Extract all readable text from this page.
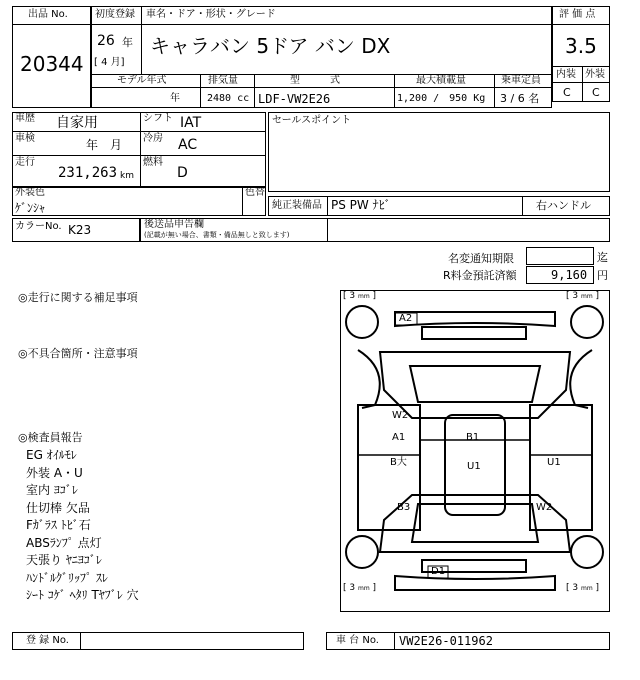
出品 No.
20344
初度登録 車名・ドア・形状・グレード
26 年
[ 4 月]
キャラバン 5ドア バン DX
モデル年式	排気量	型　　　式	最大積載量	乗車定員
年	2480 cc LDF-VW2E26	1,200 /　950 Kg 3 / 6 名
評 価 点
3.5
内装 外装
C C
車歴 自家用	シフト IAT
車検	年　月 冷房 AC
走行
231,263 km
燃料
D
セールスポイント
外装色
ｹﾞﾝｼｬ
色替
純正装備品 PS PW ﾅﾋﾞ	右ハンドル
カラーNo. K23	後送品申告欄
(記載が無い場合、書類・備品無しと致します)
名変通知期限	迄
R料金預託済額	9,160 円
◎走行に関する補足事項
◎不具合箇所・注意事項
◎検査員報告
EG ｵｲﾙﾓﾚ
外装 A・U
室内 ﾖｺﾞﾚ
仕切棒 欠品
Fｶﾞﾗｽ ﾄﾋﾞ石
ABSﾗﾝﾌﾟ 点灯
天張り ﾔﾆﾖｺﾞﾚ
ﾊﾝﾄﾞﾙｸﾞﾘｯﾌﾟ ｽﾚ
ｼｰﾄ ｺｹﾞ ﾍﾀﾘ Tﾔﾌﾞﾚ 穴
[ 3 mm ]	[ 3 mm ]
[ 3 mm ]	[ 3 mm ]
A2
W2
A1	B1
B大	U1	U1
B3	W2
D1
登 録 No.	車 台 No. VW2E26-011962
